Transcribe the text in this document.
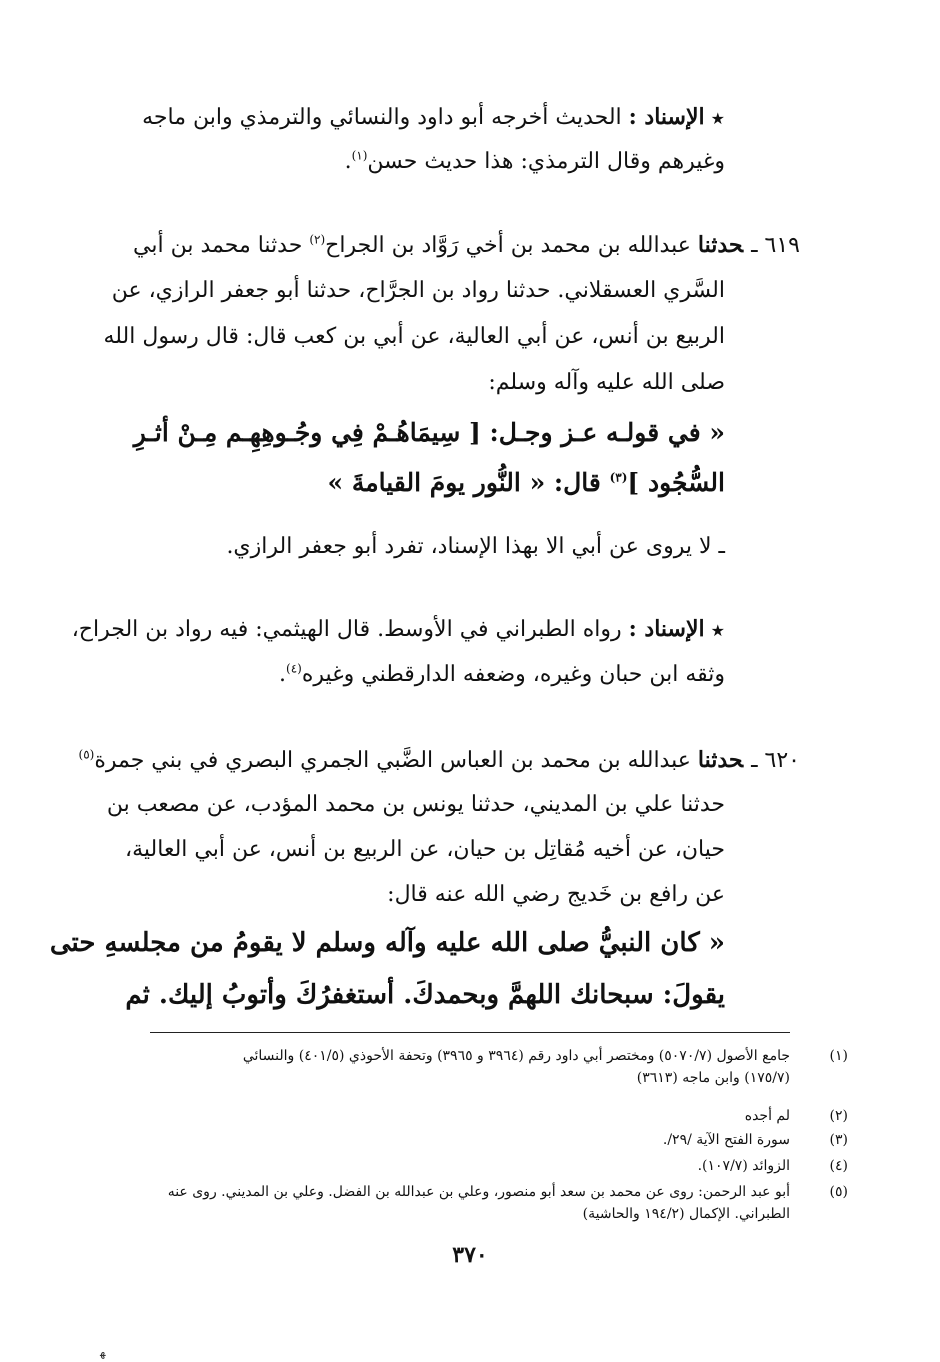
★الإسناد : الحديث أخرجه أبو داود والنسائي والترمذي وابن ماجه
وغيرهم وقال الترمذي: هذا حديث حسن$^{(١)}$.
٦١٩ ـحدثنا عبدالله بن محمد بن أخي رَوَّاد بن الجراح$^{(٢)}$ حدثنا محمد بن أبي
السَّري العسقلاني. حدثنا رواد بن الجرَّاح، حدثنا أبو جعفر الرازي، عن
الربيع بن أنس، عن أبي العالية، عن أبي بن كعب قال: قال رسول الله
صلى الله عليه وآله وسلم:
« في قولـه عـز وجـل: [ سِيمَاهُـمْ فِي وجُـوهِهِـم مِـنْ أثـرِ
السُّجُود ]$^{(٣)}$ قال: « النُّور يومَ القيامةَ »
ـ لا يروى عن أبي الا بهذا الإسناد، تفرد أبو جعفر الرازي.
★الإسناد : رواه الطبراني في الأوسط. قال الهيثمي: فيه رواد بن الجراح،
وثقه ابن حبان وغيره، وضعفه الدارقطني وغيره$^{(٤)}$.
٦٢٠ ـحدثنا عبدالله بن محمد بن العباس الضَّبي الجمري البصري في بني جمرة$^{(٥)}$
حدثنا علي بن المديني، حدثنا يونس بن محمد المؤدب، عن مصعب بن
حيان، عن أخيه مُقاتِل بن حيان، عن الربيع بن أنس، عن أبي العالية،
عن رافع بن خَديج رضي الله عنه قال:
« كان النبيُّ صلى الله عليه وآله وسلم لا يقومُ من مجلسهِ حتى
يقولَ: سبحانك اللهمَّ وبحمدكَ. أستغفرُكَ وأتوبُ إليك. ثم
(١)
جامع الأصول (٥٠٧٠/٧) ومختصر أبي داود رقم (٣٩٦٤ و ٣٩٦٥) وتحفة الأحوذي (٤٠١/٥) والنسائي
(١٧٥/٧) وابن ماجه (٣٦١٣)
(٢)
لم أجده
(٣)
سورة الفتح الآية /٢٩/.
(٤)
الزوائد (١٠٧/٧).
(٥)
أبو عبد الرحمن: روى عن محمد بن سعد أبو منصور، وعلي بن عبدالله بن الفضل. وعلي بن المديني. روى عنه
الطبراني. الإكمال (١٩٤/٢ والحاشية)
٣٧٠
ﻬ
